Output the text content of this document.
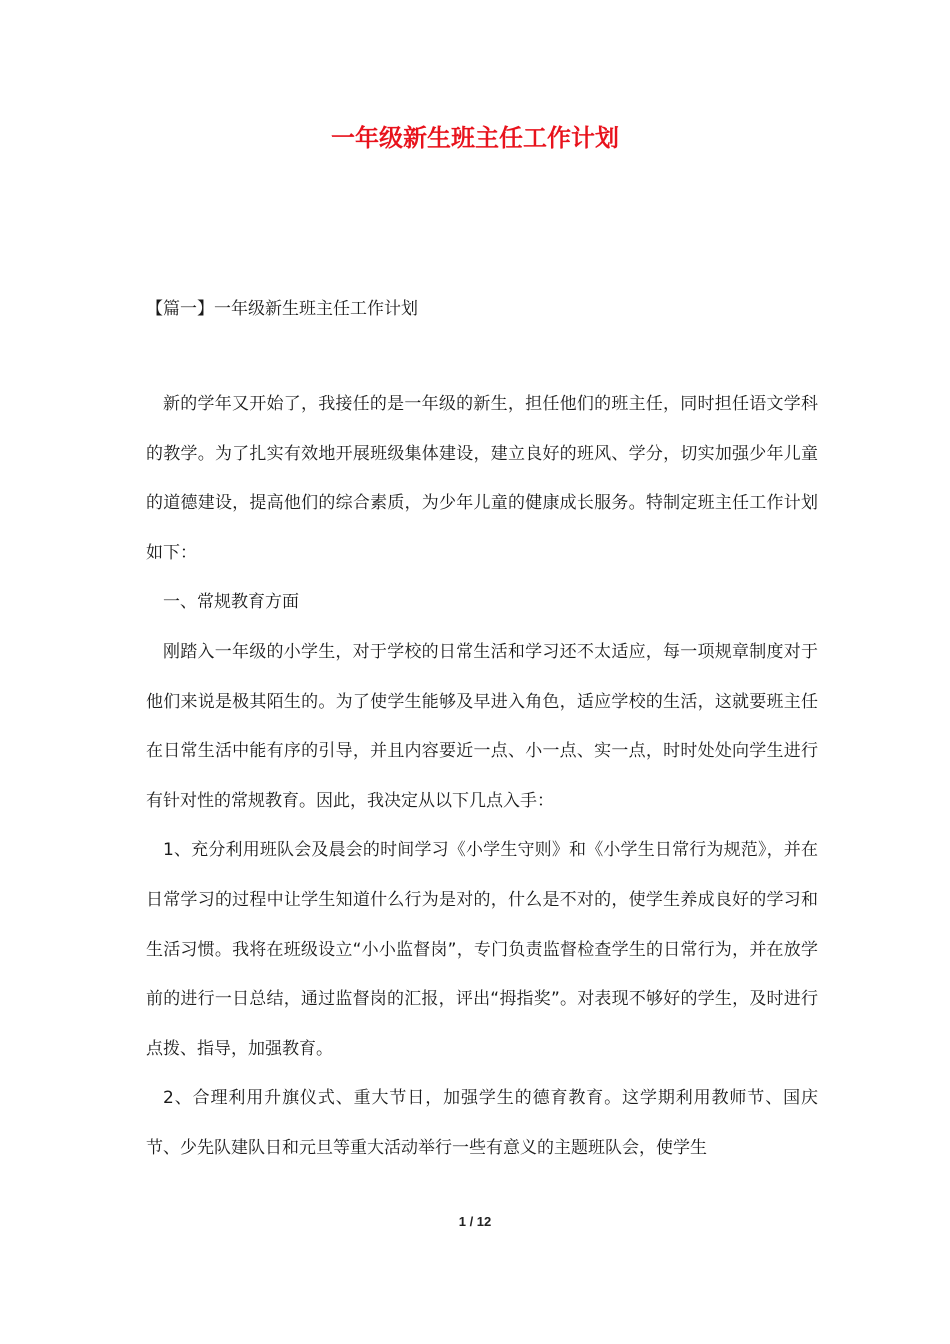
一年级新生班主任工作计划
【篇一】一年级新生班主任工作计划

新的学年又开始了，我接任的是一年级的新生，担任他们的班主任，同时担任语文学科的教学。为了扎实有效地开展班级集体建设，建立良好的班风、学分，切实加强少年儿童的道德建设，提高他们的综合素质，为少年儿童的健康成长服务。特制定班主任工作计划如下：

一、常规教育方面

刚踏入一年级的小学生，对于学校的日常生活和学习还不太适应，每一项规章制度对于他们来说是极其陌生的。为了使学生能够及早进入角色，适应学校的生活，这就要班主任在日常生活中能有序的引导，并且内容要近一点、小一点、实一点，时时处处向学生进行有针对性的常规教育。因此，我决定从以下几点入手：

1、充分利用班队会及晨会的时间学习《小学生守则》和《小学生日常行为规范》，并在日常学习的过程中让学生知道什么行为是对的，什么是不对的，使学生养成良好的学习和生活习惯。我将在班级设立“小小监督岗”，专门负责监督检查学生的日常行为，并在放学前的进行一日总结，通过监督岗的汇报，评出“拇指奖”。对表现不够好的学生，及时进行点拨、指导，加强教育。

2、合理利用升旗仪式、重大节日，加强学生的德育教育。这学期利用教师节、国庆节、少先队建队日和元旦等重大活动举行一些有意义的主题班队会，使学生

1 / 12
